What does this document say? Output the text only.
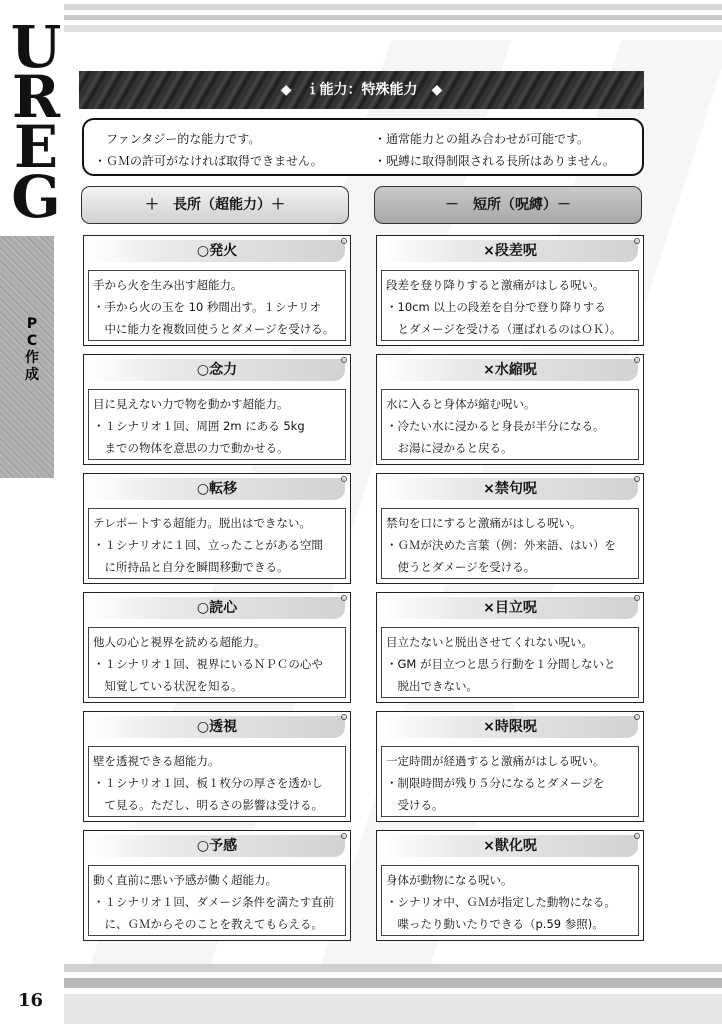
U
R
E
G
P
C
作
成
16
◆　ｉ能力：特殊能力　◆
ファンタジー的な能力です。
・ＧＭの許可がなければ取得できません。
・通常能力との組み合わせが可能です。
・呪縛に取得制限される長所はありません。
＋　長所（超能力）＋	－　短所（呪縛）－
○発火
手から火を生み出す超能力。
・手から火の玉を 10 秒間出す。１シナリオ
　中に能力を複数回使うとダメージを受ける。
○念力
目に見えない力で物を動かす超能力。
・１シナリオ１回、周囲 2m にある 5kg
　までの物体を意思の力で動かせる。
○転移
テレポートする超能力。脱出はできない。
・１シナリオに１回、立ったことがある空間
　に所持品と自分を瞬間移動できる。
○読心
他人の心と視界を読める超能力。
・１シナリオ１回、視界にいるＮＰＣの心や
　知覚している状況を知る。
○透視
壁を透視できる超能力。
・１シナリオ１回、板１枚分の厚さを透かし
　て見る。ただし、明るさの影響は受ける。
○予感
動く直前に悪い予感が働く超能力。
・１シナリオ１回、ダメージ条件を満たす直前
　に、ＧＭからそのことを教えてもらえる。
×段差呪
段差を登り降りすると激痛がはしる呪い。
・10cm 以上の段差を自分で登り降りする
　とダメージを受ける（運ばれるのはＯＫ）。
×水縮呪
水に入ると身体が縮む呪い。
・冷たい水に浸かると身長が半分になる。
　お湯に浸かると戻る。
×禁句呪
禁句を口にすると激痛がはしる呪い。
・ＧＭが決めた言葉（例：外来語、はい）を
　使うとダメージを受ける。
×目立呪
目立たないと脱出させてくれない呪い。
・GM が目立つと思う行動を１分間しないと
　脱出できない。
×時限呪
一定時間が経過すると激痛がはしる呪い。
・制限時間が残り５分になるとダメージを
　受ける。
×獣化呪
身体が動物になる呪い。
・シナリオ中、ＧＭが指定した動物になる。
　喋ったり動いたりできる（p.59 参照)。
